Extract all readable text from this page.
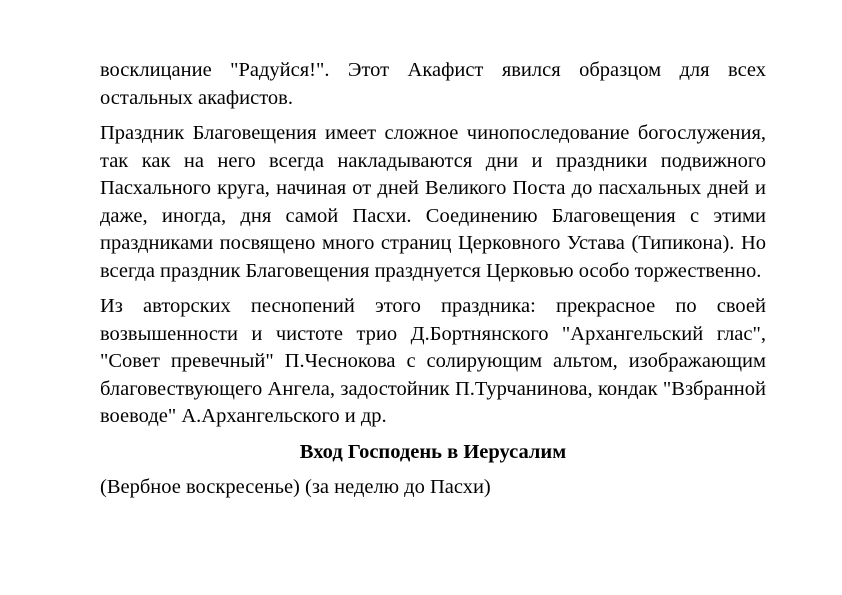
восклицание "Радуйся!". Этот Акафист явился образцом для всех остальных акафистов.

Праздник Благовещения имеет сложное чинопоследование богослужения, так как на него всегда накладываются дни и праздники подвижного Пасхального круга, начиная от дней Великого Поста до пасхальных дней и даже, иногда, дня самой Пасхи. Соединению Благовещения с этими праздниками посвящено много страниц Церковного Устава (Типикона). Но всегда праздник Благовещения празднуется Церковью особо торжественно.

Из авторских песнопений этого праздника: прекрасное по своей возвышенности и чистоте трио Д.Бортнянского "Архангельский глас", "Совет превечный" П.Чеснокова с солирующим альтом, изображающим благовествующего Ангела, задостойник П.Турчанинова, кондак "Взбранной воеводе" А.Архангельского и др.

Вход Господень в Иерусалим

(Вербное воскресенье) (за неделю до Пасхи)
